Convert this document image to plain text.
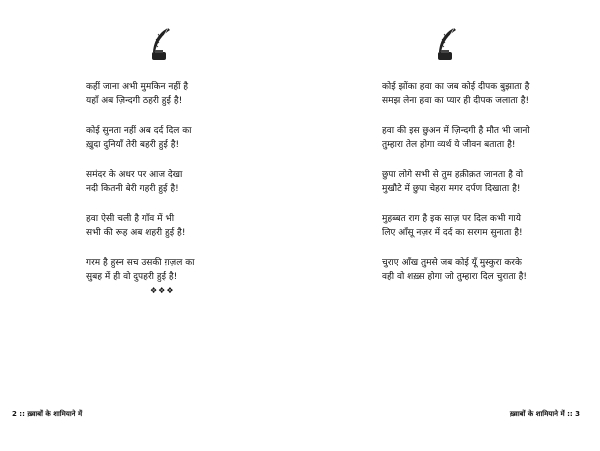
कहीं जाना अभी मुमकिन नहीं है
यहाँ अब ज़िन्दगी ठहरी हुई है!
कोई सुनता नहीं अब दर्द दिल का
ख़ुदा दुनियाँ तेरी बहरी हुई है!
समंदर के अधर पर आज देखा
नदी कितनी बेरी गहरी हुई है!
हवा ऐसी चली है गाँव में भी
सभी की रूह अब शहरी हुई है!
गरम है हुस्न सच उसकी ग़ज़ल का
सुबह में ही वो दुपहरी हुई है!
❖❖❖
2 :: ख़्वाबों के शामियाने में
कोई झोंका हवा का जब कोई दीपक बुझाता है
समझ लेना हवा का प्यार ही दीपक जलाता है!
हवा की इस छुअन में ज़िन्दगी है मौत भी जानो
तुम्हारा तेल होगा व्यर्थ ये जीवन बताता है!
छुपा लोगे सभी से तुम हक़ीक़त जानता है वो
मुखौटे में छुपा चेहरा मगर दर्पण दिखाता है!
मुहब्बत राग है इक साज़ पर दिल कभी गाये
लिए आँसू नज़र में दर्द का सरगम सुनाता है!
चुराए आँख तुमसे जब कोई यूँ मुस्कुरा करके
वही वो शख़्स होगा जो तुम्हारा दिल चुराता है!
ख़्वाबों के शामियाने में :: 3
